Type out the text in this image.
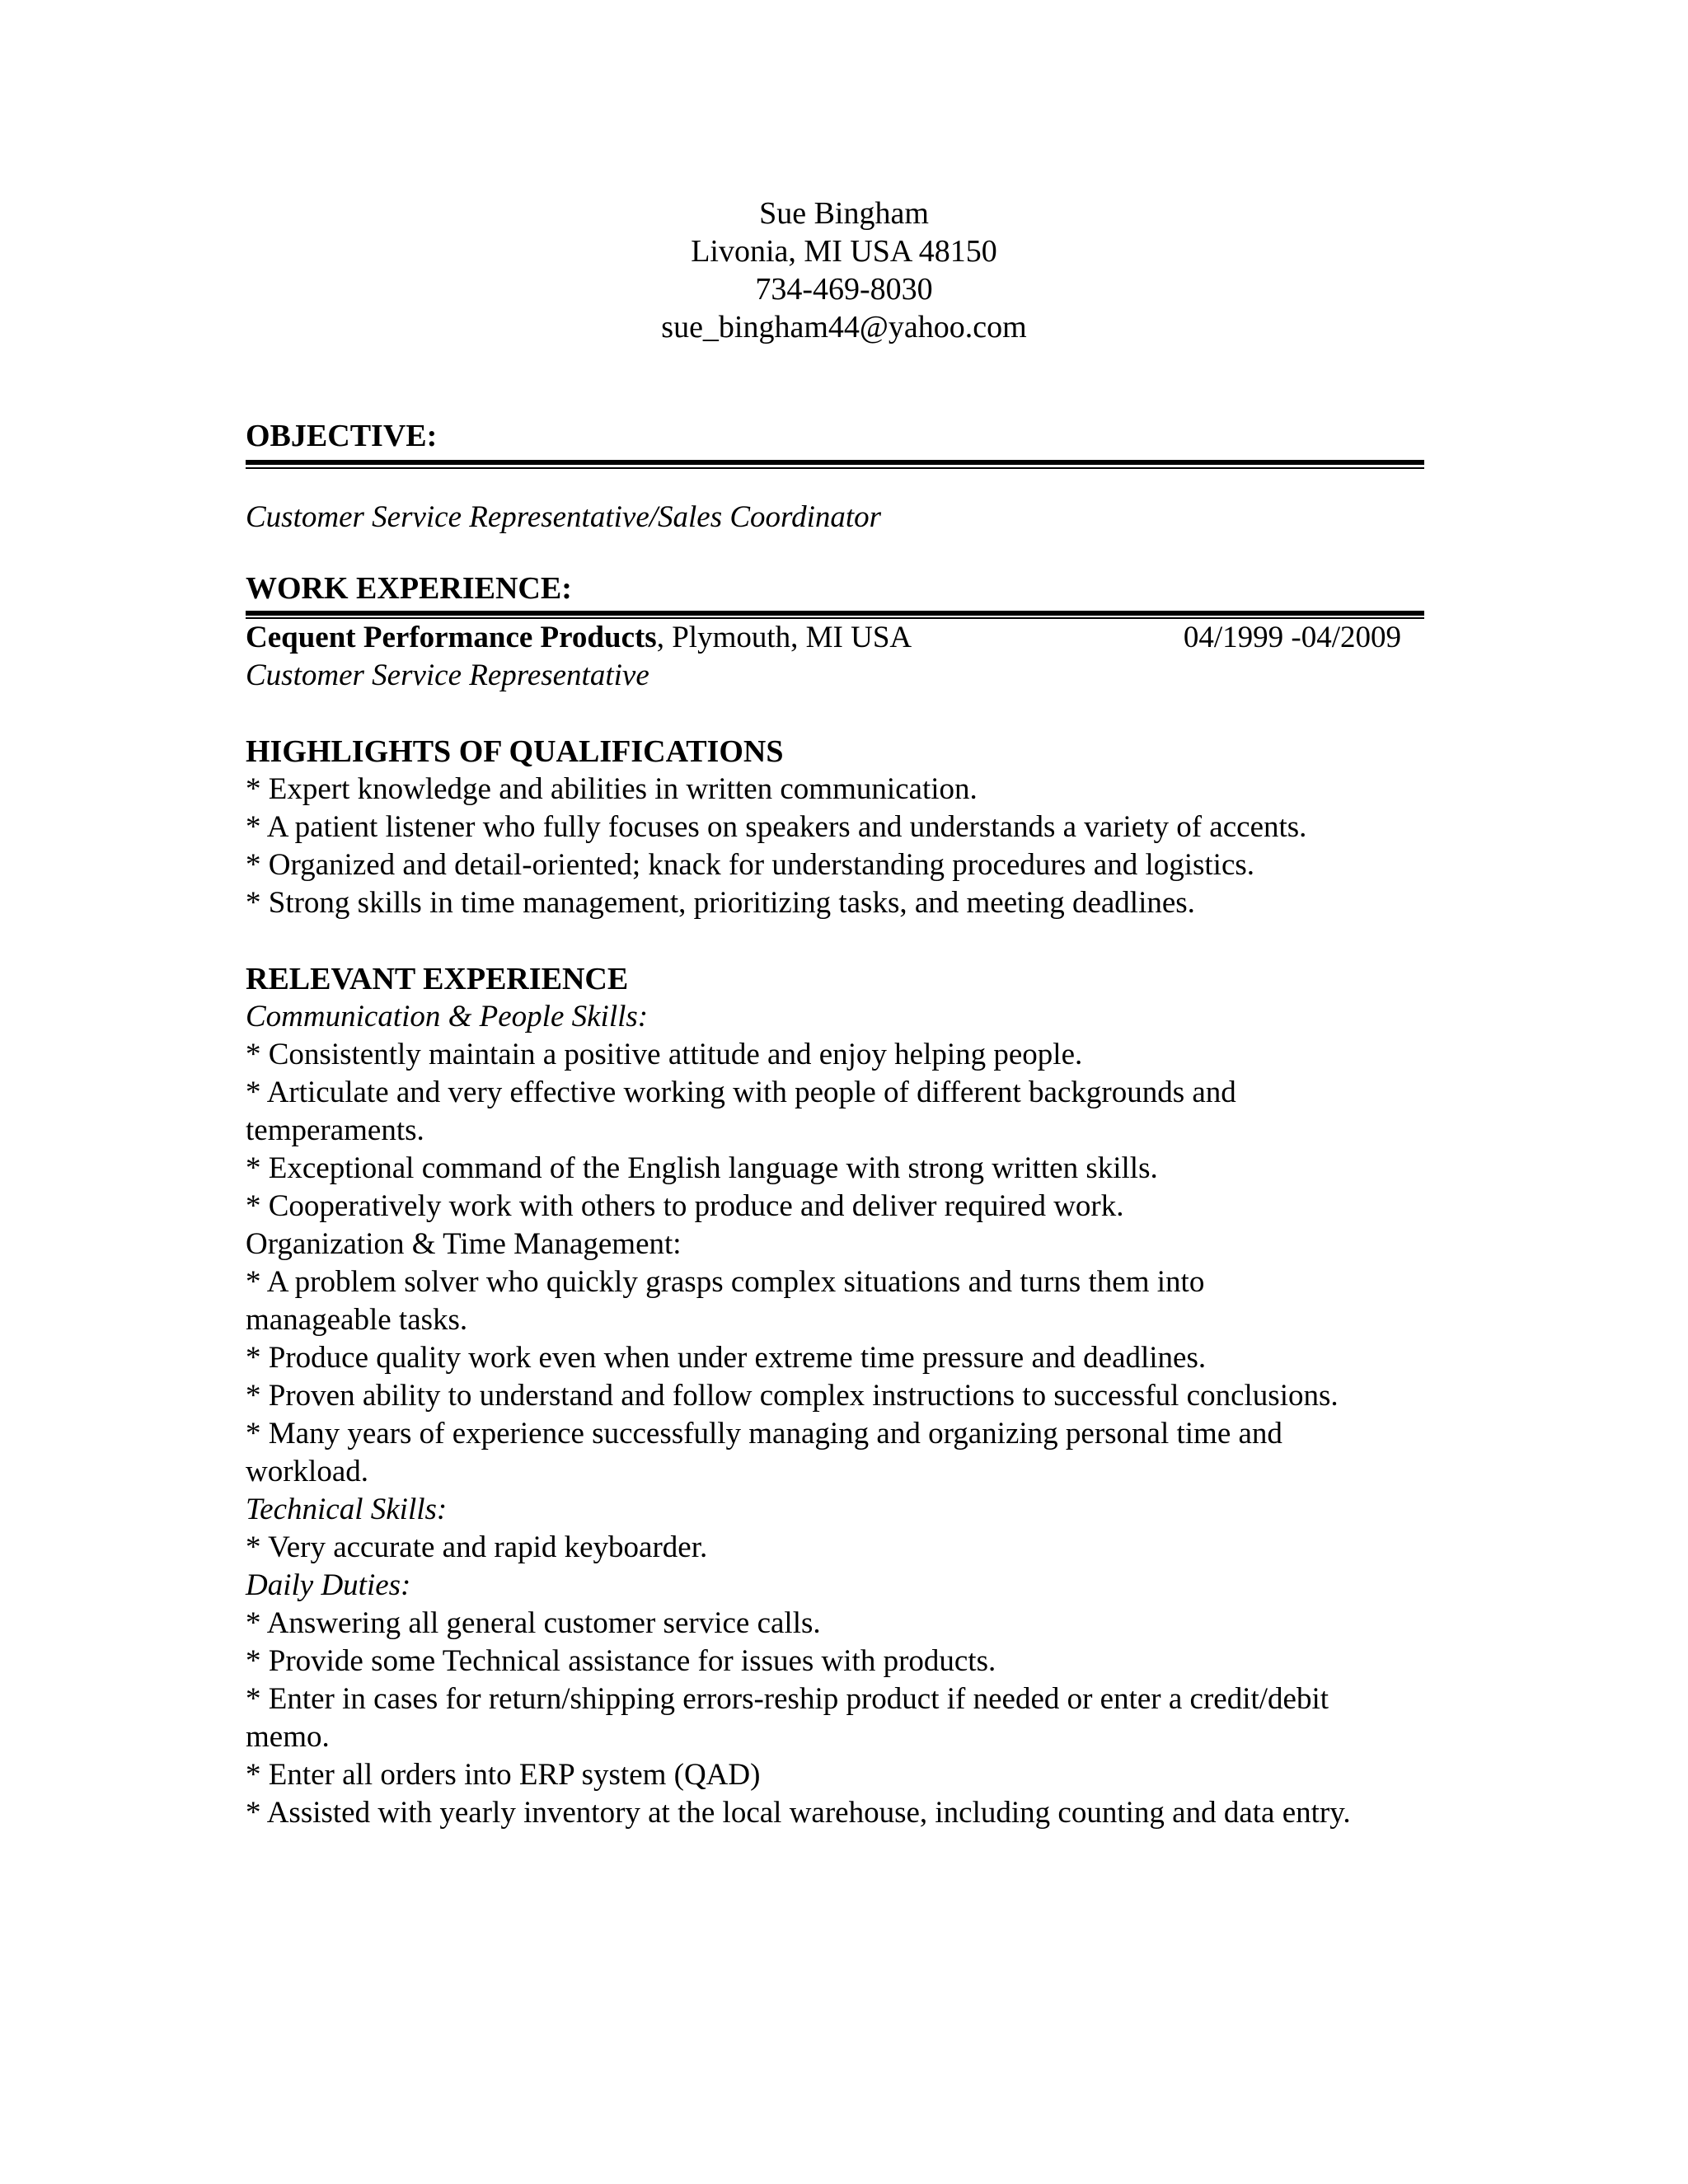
Sue Bingham
Livonia, MI USA 48150
734-469-8030
sue_bingham44@yahoo.com
OBJECTIVE:
Customer Service Representative/Sales Coordinator
WORK EXPERIENCE:
Cequent Performance Products, Plymouth, MI USA	04/1999 -04/2009
Customer Service Representative
HIGHLIGHTS OF QUALIFICATIONS

* Expert knowledge and abilities in written communication.

* A patient listener who fully focuses on speakers and understands a variety of accents.

* Organized and detail-oriented; knack for understanding procedures and logistics.

* Strong skills in time management, prioritizing tasks, and meeting deadlines.

RELEVANT EXPERIENCE
Communication & People Skills:

* Consistently maintain a positive attitude and enjoy helping people.

* Articulate and very effective working with people of different backgrounds and temperaments.

* Exceptional command of the English language with strong written skills.

* Cooperatively work with others to produce and deliver required work.

Organization & Time Management:

* A problem solver who quickly grasps complex situations and turns them into manageable tasks.

* Produce quality work even when under extreme time pressure and deadlines.

* Proven ability to understand and follow complex instructions to successful conclusions.

* Many years of experience successfully managing and organizing personal time and workload.

Technical Skills:

* Very accurate and rapid keyboarder.

Daily Duties:

* Answering all general customer service calls.

* Provide some Technical assistance for issues with products.

* Enter in cases for return/shipping errors-reship product if needed or enter a credit/debit memo.

* Enter all orders into ERP system (QAD)

* Assisted with yearly inventory at the local warehouse, including counting and data entry.
